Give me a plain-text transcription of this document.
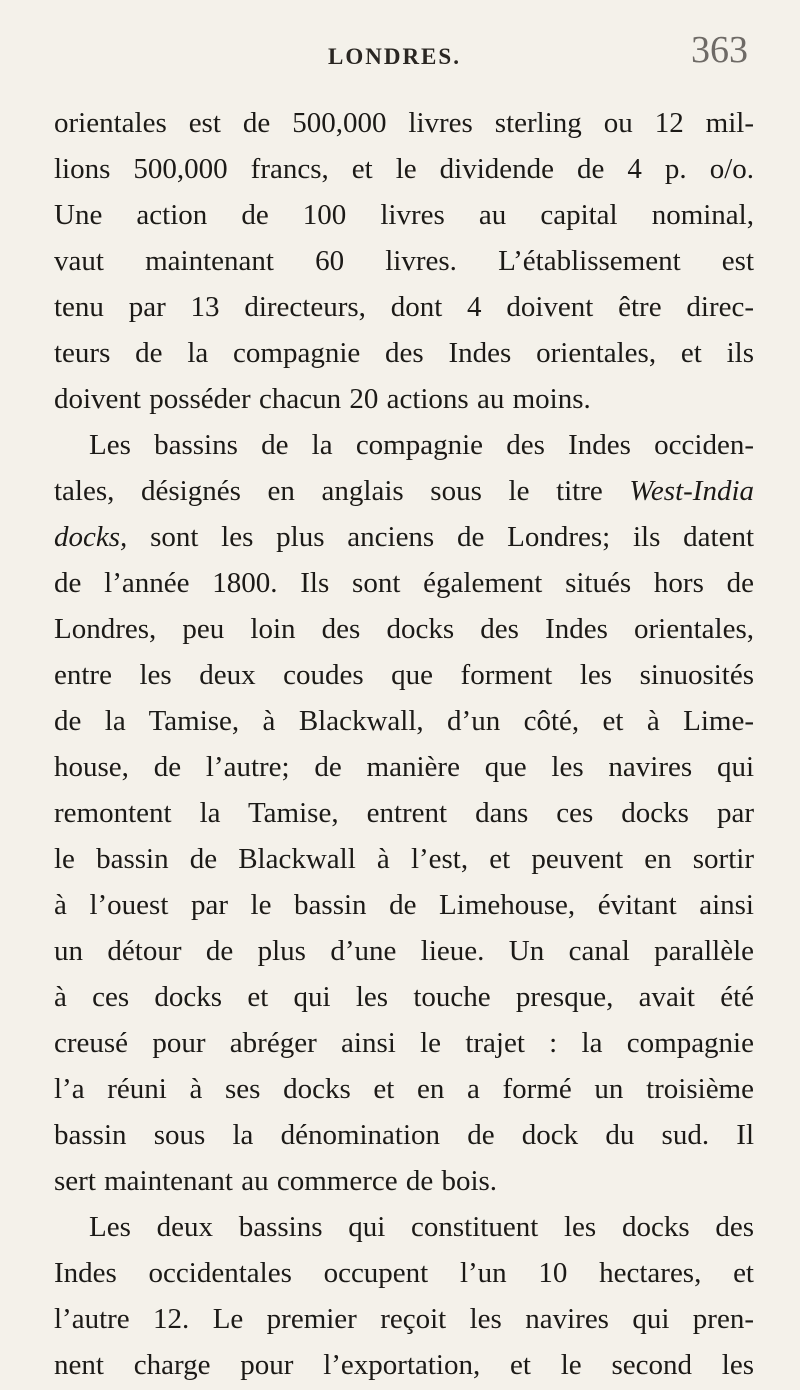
LONDRES.	363
orientales est de 500,000 livres sterling ou 12 mil-
lions 500,000 francs, et le dividende de 4 p. o/o.
Une action de 100 livres au capital nominal,
vaut maintenant 60 livres. L’établissement est
tenu par 13 directeurs, dont 4 doivent être direc-
teurs de la compagnie des Indes orientales, et ils
doivent posséder chacun 20 actions au moins.
Les bassins de la compagnie des Indes occiden-
tales, désignés en anglais sous le titre West-India
docks, sont les plus anciens de Londres; ils datent
de l’année 1800. Ils sont également situés hors de
Londres, peu loin des docks des Indes orientales,
entre les deux coudes que forment les sinuosités
de la Tamise, à Blackwall, d’un côté, et à Lime-
house, de l’autre; de manière que les navires qui
remontent la Tamise, entrent dans ces docks par
le bassin de Blackwall à l’est, et peuvent en sortir
à l’ouest par le bassin de Limehouse, évitant ainsi
un détour de plus d’une lieue. Un canal parallèle
à ces docks et qui les touche presque, avait été
creusé pour abréger ainsi le trajet : la compagnie
l’a réuni à ses docks et en a formé un troisième
bassin sous la dénomination de dock du sud. Il
sert maintenant au commerce de bois.
Les deux bassins qui constituent les docks des
Indes occidentales occupent l’un 10 hectares, et
l’autre 12. Le premier reçoit les navires qui pren-
nent charge pour l’exportation, et le second les
